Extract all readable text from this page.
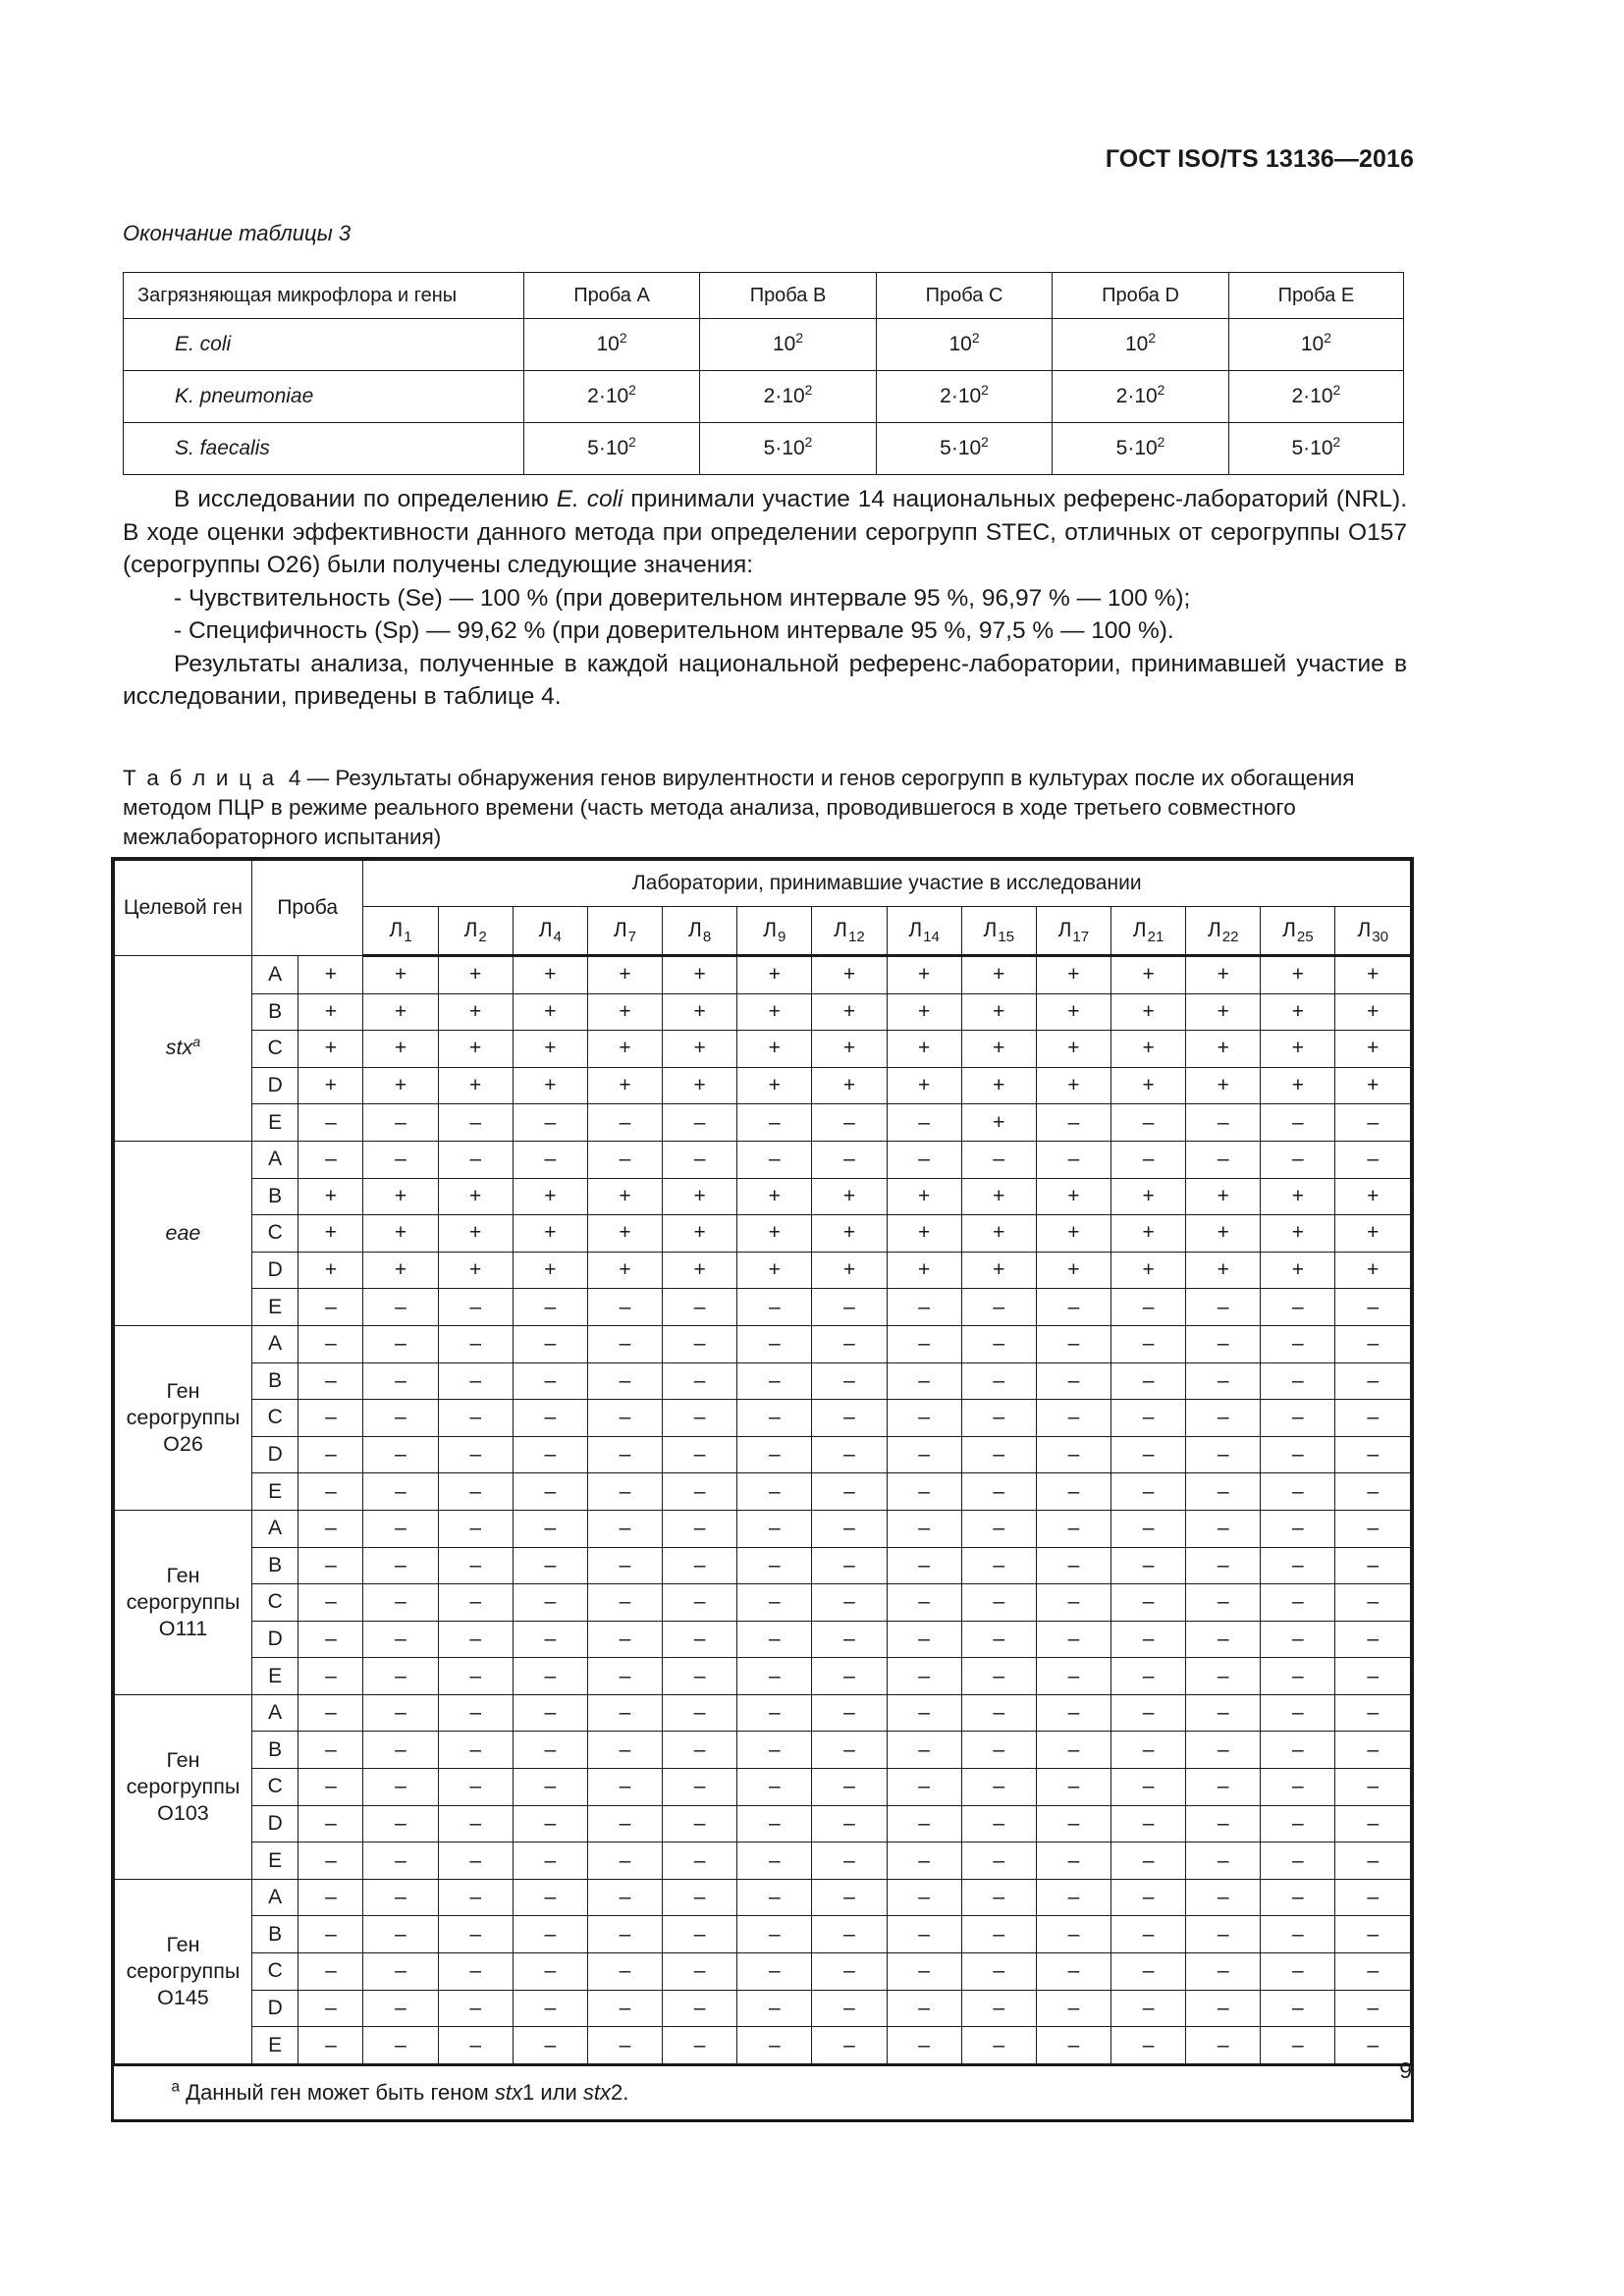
ГОСТ ISO/TS 13136—2016
Окончание таблицы 3
Загрязняющая микрофлора и гены	Проба A	Проба B	Проба C	Проба D	Проба E
E. coli	$10^2$	$10^2$	$10^2$	$10^2$	$10^2$
K. pneumoniae	$2\cdot 10^2$	$2\cdot 10^2$	$2\cdot 10^2$	$2\cdot 10^2$	$2\cdot 10^2$
S. faecalis	$5\cdot 10^2$	$5\cdot 10^2$	$5\cdot 10^2$	$5\cdot 10^2$	$5\cdot 10^2$

В исследовании по определению E. coli принимали участие 14 национальных референс-лабораторий (NRL). В ходе оценки эффективности данного метода при определении серогрупп STEC, отличных от серогруппы O157 (серогруппы O26) были получены следующие значения:

- Чувствительность (Se) — 100 % (при доверительном интервале 95 %, 96,97 % — 100 %);

- Специфичность (Sp) — 99,62 % (при доверительном интервале 95 %, 97,5 % — 100 %).

Результаты анализа, полученные в каждой национальной референс-лаборатории, принимавшей участие в исследовании, приведены в таблице 4.

Т а б л и ц а 4 — Результаты обнаружения генов вирулентности и генов серогрупп в культурах после их обогащения методом ПЦР в режиме реального времени (часть метода анализа, проводившегося в ходе третьего совместного межлабораторного испытания)
Целевой ген	Проба		Лаборатории, принимавшие участие в исследовании													
			$Л_1$	$Л_2$	$Л_4$	$Л_7$	$Л_8$	$Л_9$	$Л_{12}$	$Л_{14}$	$Л_{15}$	$Л_{17}$	$Л_{21}$	$Л_{22}$	$Л_{25}$	$Л_{30}$
stx$^a$	A	+	+	+	+	+	+	+	+	+	+	+	+	+	+	+
	B	+	+	+	+	+	+	+	+	+	+	+	+	+	+	+
	C	+	+	+	+	+	+	+	+	+	+	+	+	+	+	+
	D	+	+	+	+	+	+	+	+	+	+	+	+	+	+	+
	E	–	–	–	–	–	–	–	–	–	+	–	–	–	–	–
eae	A	–	–	–	–	–	–	–	–	–	–	–	–	–	–	–
	B	+	+	+	+	+	+	+	+	+	+	+	+	+	+	+
	C	+	+	+	+	+	+	+	+	+	+	+	+	+	+	+
	D	+	+	+	+	+	+	+	+	+	+	+	+	+	+	+
	E	–	–	–	–	–	–	–	–	–	–	–	–	–	–	–
Ген
серогруппы
O26	A	–	–	–	–	–	–	–	–	–	–	–	–	–	–	–
	B	–	–	–	–	–	–	–	–	–	–	–	–	–	–	–
	C	–	–	–	–	–	–	–	–	–	–	–	–	–	–	–
	D	–	–	–	–	–	–	–	–	–	–	–	–	–	–	–
	E	–	–	–	–	–	–	–	–	–	–	–	–	–	–	–
Ген
серогруппы
O111	A	–	–	–	–	–	–	–	–	–	–	–	–	–	–	–
	B	–	–	–	–	–	–	–	–	–	–	–	–	–	–	–
	C	–	–	–	–	–	–	–	–	–	–	–	–	–	–	–
	D	–	–	–	–	–	–	–	–	–	–	–	–	–	–	–
	E	–	–	–	–	–	–	–	–	–	–	–	–	–	–	–
Ген
серогруппы
O103	A	–	–	–	–	–	–	–	–	–	–	–	–	–	–	–
	B	–	–	–	–	–	–	–	–	–	–	–	–	–	–	–
	C	–	–	–	–	–	–	–	–	–	–	–	–	–	–	–
	D	–	–	–	–	–	–	–	–	–	–	–	–	–	–	–
	E	–	–	–	–	–	–	–	–	–	–	–	–	–	–	–
Ген
серогруппы
O145	A	–	–	–	–	–	–	–	–	–	–	–	–	–	–	–
	B	–	–	–	–	–	–	–	–	–	–	–	–	–	–	–
	C	–	–	–	–	–	–	–	–	–	–	–	–	–	–	–
	D	–	–	–	–	–	–	–	–	–	–	–	–	–	–	–
	E	–	–	–	–	–	–	–	–	–	–	–	–	–	–	–
$^a$ Данный ген может быть геном stx1 или stx2.																
9
